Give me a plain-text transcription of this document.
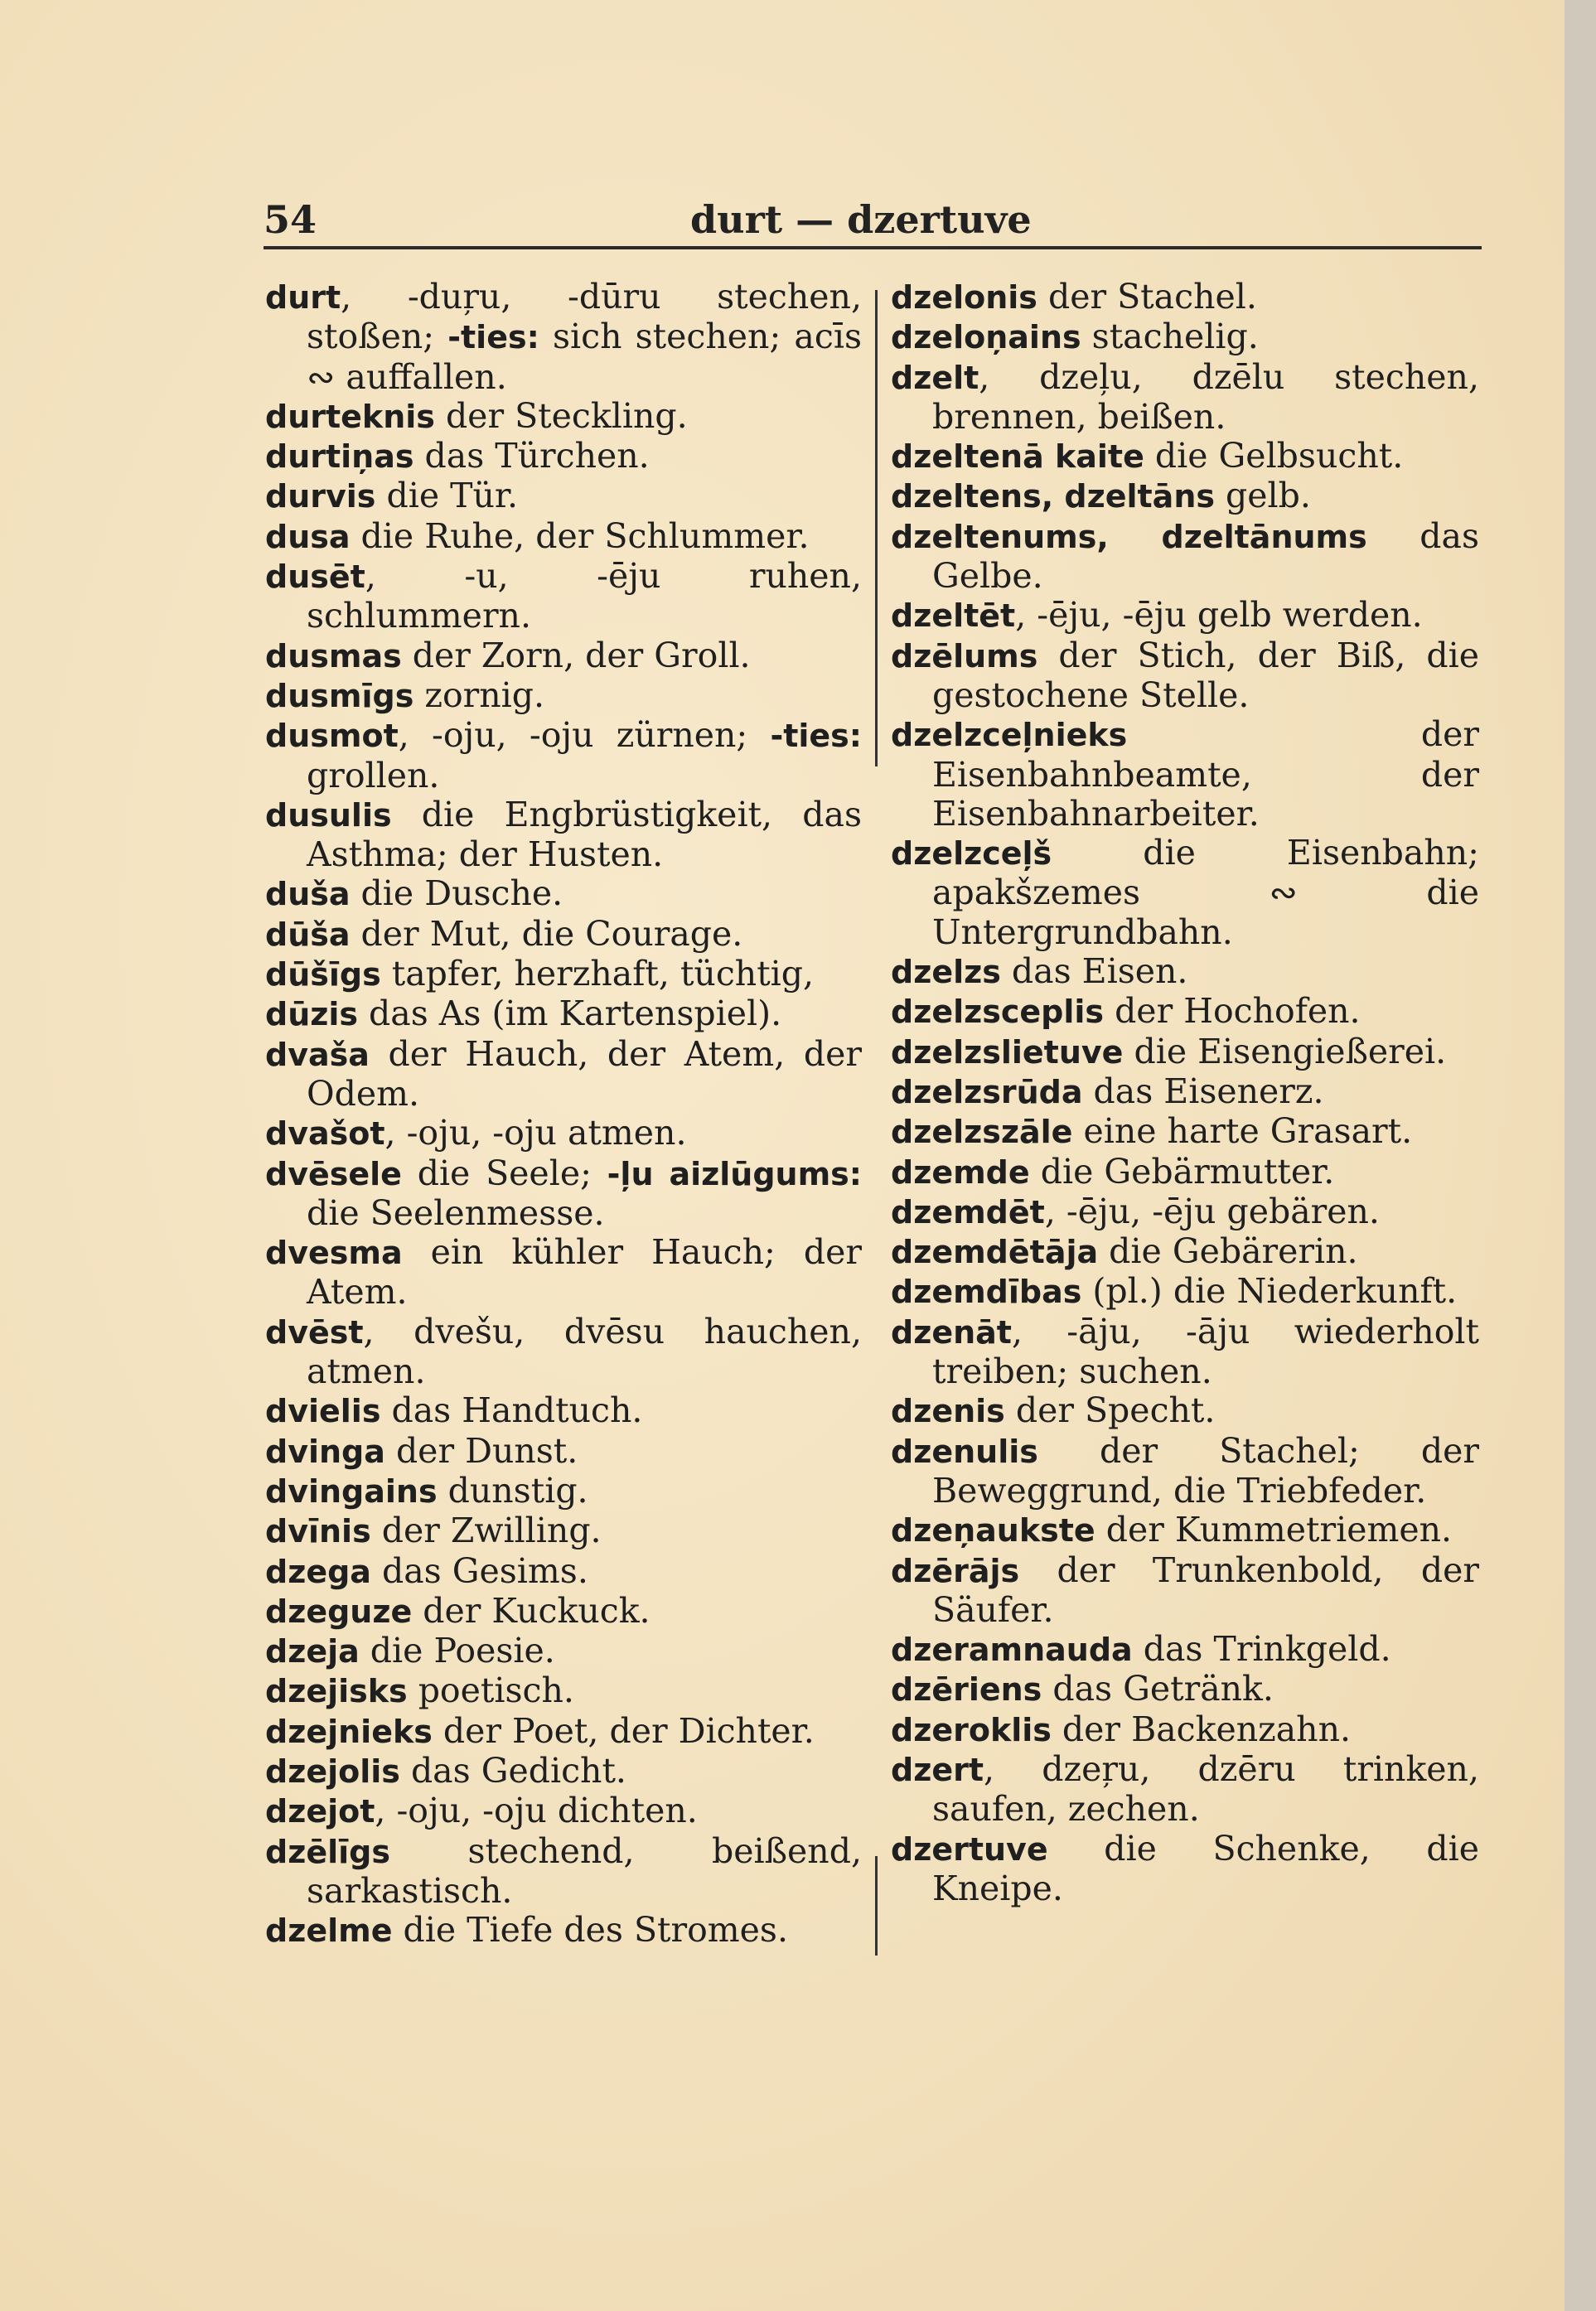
54	durt — dzertuve

durt, -duŗu, -dūru stechen, stoßen; -ties: sich stechen; acīs ∾ auffallen.

durteknis der Steckling.

durtiņas das Türchen.

durvis die Tür.

dusa die Ruhe, der Schlummer.

dusēt, -u, -ēju ruhen, schlummern.

dusmas der Zorn, der Groll.

dusmīgs zornig.

dusmot, -oju, -oju zürnen; -ties: grollen.

dusulis die Engbrüstigkeit, das Asthma; der Husten.

duša die Dusche.

dūša der Mut, die Courage.

dūšīgs tapfer, herzhaft, tüchtig,

dūzis das As (im Kartenspiel).

dvaša der Hauch, der Atem, der Odem.

dvašot, -oju, -oju atmen.

dvēsele die Seele; -ļu aizlūgums: die Seelenmesse.

dvesma ein kühler Hauch; der Atem.

dvēst, dvešu, dvēsu hauchen, atmen.

dvielis das Handtuch.

dvinga der Dunst.

dvingains dunstig.

dvīnis der Zwilling.

dzega das Gesims.

dzeguze der Kuckuck.

dzeja die Poesie.

dzejisks poetisch.

dzejnieks der Poet, der Dichter.

dzejolis das Gedicht.

dzejot, -oju, -oju dichten.

dzēlīgs stechend, beißend, sarkastisch.

dzelme die Tiefe des Stromes.

dzelonis der Stachel.

dzeloņains stachelig.

dzelt, dzeļu, dzēlu stechen, brennen, beißen.

dzeltenā kaite die Gelbsucht.

dzeltens, dzeltāns gelb.

dzeltenums, dzeltānums das Gelbe.

dzeltēt, -ēju, -ēju gelb werden.

dzēlums der Stich, der Biß, die gestochene Stelle.

dzelzceļnieks der Eisenbahnbeamte, der Eisenbahnarbeiter.

dzelzceļš die Eisenbahn; apakšzemes ∾ die Untergrundbahn.

dzelzs das Eisen.

dzelzsceplis der Hochofen.

dzelzslietuve die Eisengießerei.

dzelzsrūda das Eisenerz.

dzelzszāle eine harte Grasart.

dzemde die Gebärmutter.

dzemdēt, -ēju, -ēju gebären.

dzemdētāja die Gebärerin.

dzemdības (pl.) die Niederkunft.

dzenāt, -āju, -āju wiederholt treiben; suchen.

dzenis der Specht.

dzenulis der Stachel; der Beweggrund, die Triebfeder.

dzeņaukste der Kummetriemen.

dzērājs der Trunkenbold, der Säufer.

dzeramnauda das Trinkgeld.

dzēriens das Getränk.

dzeroklis der Backenzahn.

dzert, dzeŗu, dzēru trinken, saufen, zechen.

dzertuve die Schenke, die Kneipe.
